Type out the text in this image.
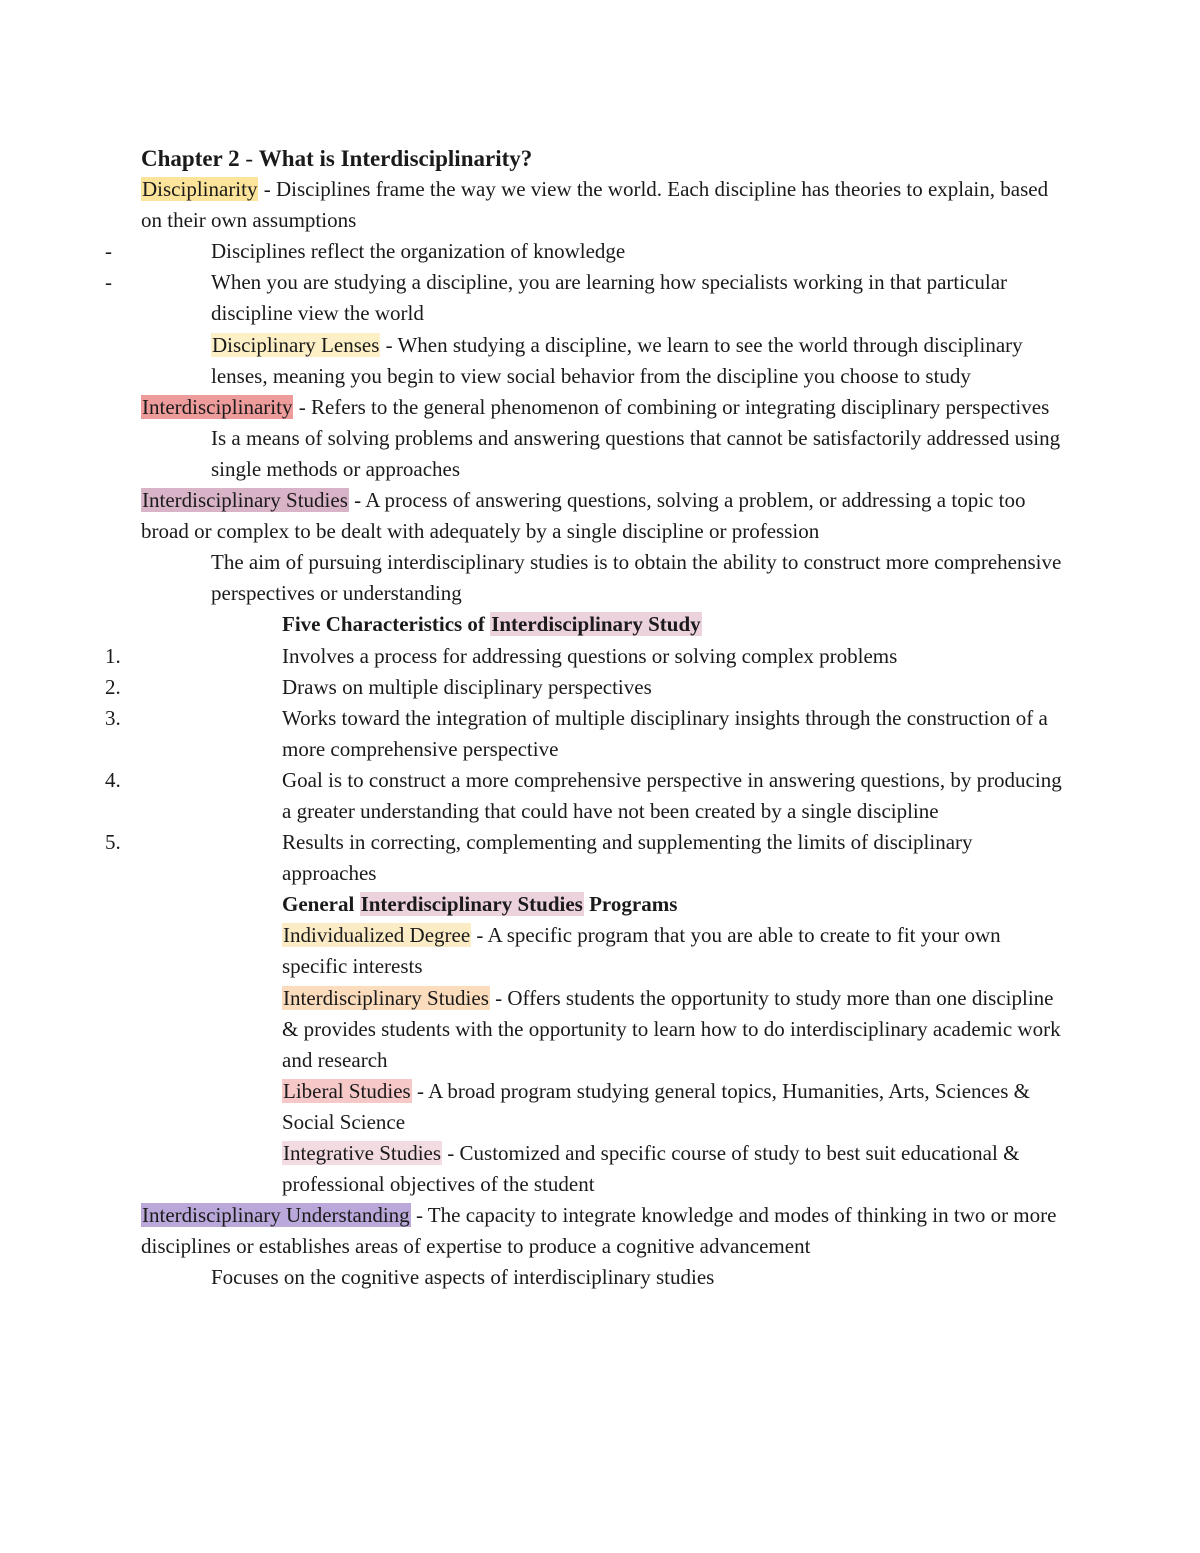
Chapter 2 - What is Interdisciplinarity?

Disciplinarity - Disciplines frame the way we view the world. Each discipline has theories to explain, based on their own assumptions

-	Disciplines reflect the organization of knowledge

-	When you are studying a discipline, you are learning how specialists working in that particular discipline view the world

Disciplinary Lenses - When studying a discipline, we learn to see the world through disciplinary lenses, meaning you begin to view social behavior from the discipline you choose to study

Interdisciplinarity - Refers to the general phenomenon of combining or integrating disciplinary perspectives

Is a means of solving problems and answering questions that cannot be satisfactorily addressed using single methods or approaches

Interdisciplinary Studies - A process of answering questions, solving a problem, or addressing a topic too broad or complex to be dealt with adequately by a single discipline or profession

The aim of pursuing interdisciplinary studies is to obtain the ability to construct more comprehensive perspectives or understanding

Five Characteristics of Interdisciplinary Study

1.	Involves a process for addressing questions or solving complex problems

2.	Draws on multiple disciplinary perspectives

3.	Works toward the integration of multiple disciplinary insights through the construction of a more comprehensive perspective

4.	Goal is to construct a more comprehensive perspective in answering questions, by producing a greater understanding that could have not been created by a single discipline

5.	Results in correcting, complementing and supplementing the limits of disciplinary approaches

General Interdisciplinary Studies Programs

Individualized Degree - A specific program that you are able to create to fit your own specific interests

Interdisciplinary Studies - Offers students the opportunity to study more than one discipline & provides students with the opportunity to learn how to do interdisciplinary academic work and research

Liberal Studies - A broad program studying general topics, Humanities, Arts, Sciences & Social Science

Integrative Studies - Customized and specific course of study to best suit educational & professional objectives of the student

Interdisciplinary Understanding - The capacity to integrate knowledge and modes of thinking in two or more disciplines or establishes areas of expertise to produce a cognitive advancement

Focuses on the cognitive aspects of interdisciplinary studies
